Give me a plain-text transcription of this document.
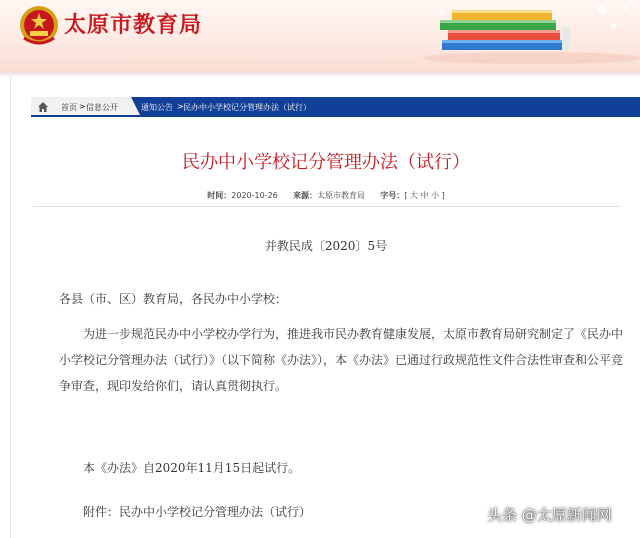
太原市教育局
首页 > 信息公开	通知公告 > 民办中小学校记分管理办法（试行）
民办中小学校记分管理办法（试行）
时间：2020-10-26 来源：太原市教育局 字号：[ 大 中 小 ]
并教民成〔2020〕5号
各县（市、区）教育局，各民办中小学校：
为进一步规范民办中小学校办学行为，推进我市民办教育健康发展，太原市教育局研究制定了《民办中小学校记分管理办法（试行）》（以下简称《办法》），本《办法》已通过行政规范性文件合法性审查和公平竞争审查，现印发给你们，请认真贯彻执行。
本《办法》自2020年11月15日起试行。
附件：民办中小学校记分管理办法（试行）	头条 @太原新闻网
